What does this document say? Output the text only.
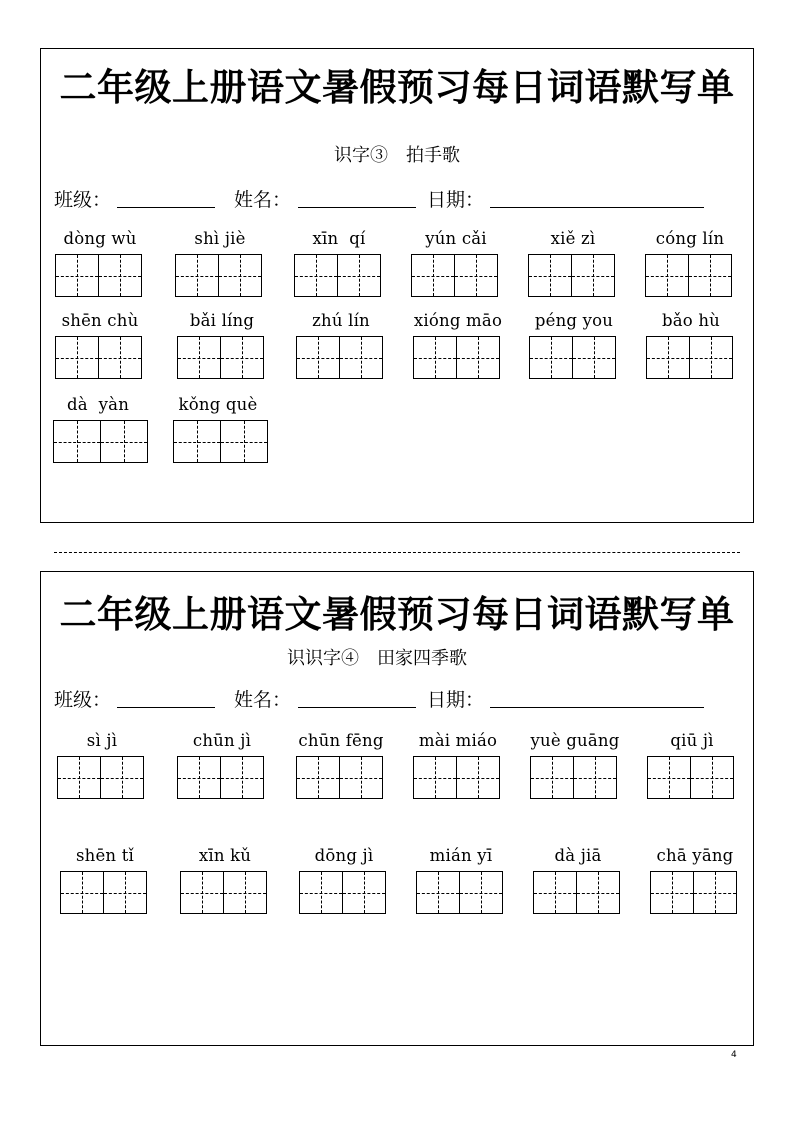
二年级上册语文暑假预习每日词语默写单
识字③　拍手歌
班级：	姓名：	日期：
dòng wù	shì jiè	xīn  qí	yún cǎi	xiě zì	cóng lín
shēn chù	bǎi líng	zhú lín	xióng māo	péng you	bǎo hù
dà  yàn	kǒng què
二年级上册语文暑假预习每日词语默写单
识识字④　田家四季歌
班级：	姓名：	日期：
sì jì	chūn jì	chūn fēng	mài miáo	yuè guāng	qiū jì
shēn tǐ	xīn kǔ	dōng jì	mián yī	dà jiā	chā yāng
4
